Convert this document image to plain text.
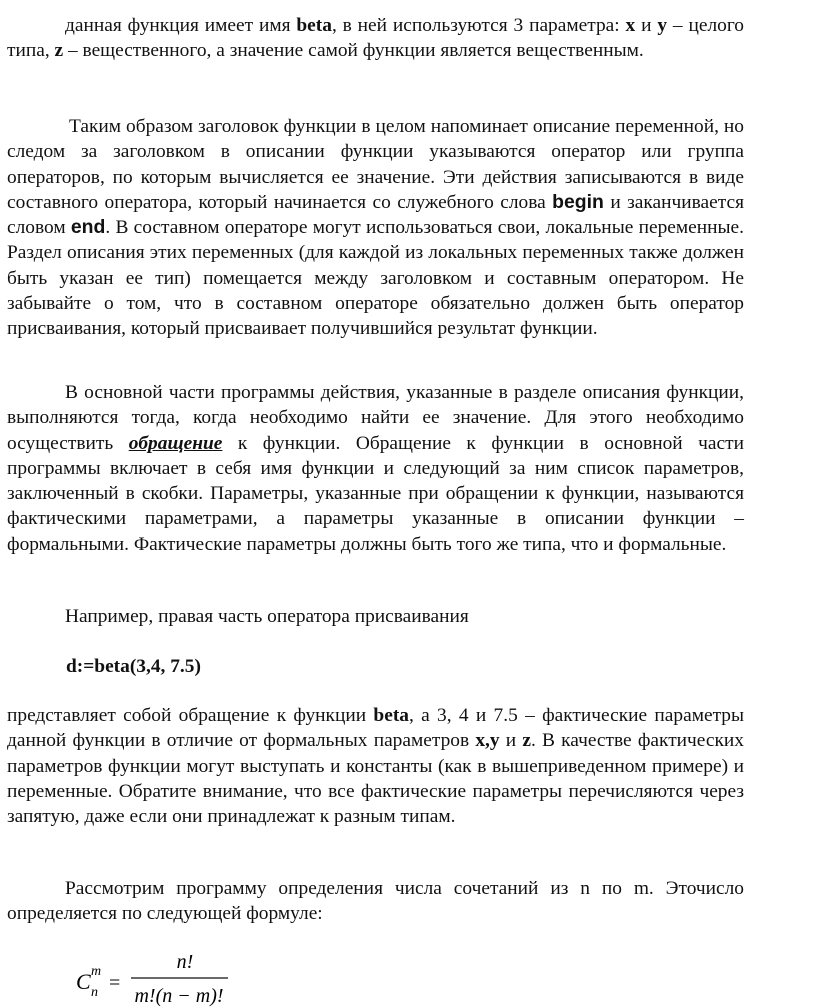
данная функция имеет имя beta, в ней используются 3 параметра: x и y – целого типа, z – вещественного, а значение самой функции является вещественным.

Таким образом заголовок функции в целом напоминает описание переменной, но следом за заголовком в описании функции указываются оператор или группа операторов, по которым вычисляется ее значение. Эти действия записываются в виде составного оператора, который начинается со служебного слова begin и заканчивается словом end. В составном операторе могут использоваться свои, локальные переменные. Раздел описания этих переменных (для каждой из локальных переменных также должен быть указан ее тип) помещается между заголовком и составным оператором. Не забывайте о том, что в составном операторе обязательно должен быть оператор присваивания, который присваивает получившийся результат функции.

В основной части программы действия, указанные в разделе описания функции, выполняются тогда, когда необходимо найти ее значение. Для этого необходимо осуществить обращение к функции. Обращение к функции в основной части программы включает в себя имя функции и следующий за ним список параметров, заключенный в скобки. Параметры, указанные при обращении к функции, называются фактическими параметрами, а параметры указанные в описании функции – формальными. Фактические параметры должны быть того же типа, что и формальные.

Например, правая часть оператора присваивания

d:=beta(3,4, 7.5)

представляет собой обращение к функции beta, а 3, 4 и 7.5 – фактические параметры данной функции в отличие от формальных параметров x,y и z. В качестве фактических параметров функции могут выступать и константы (как в вышеприведенном примере) и переменные. Обратите внимание, что все фактические параметры перечисляются через запятую, даже если они принадлежат к разным типам.

Рассмотрим программу определения числа сочетаний из n по m. Эточисло определяется по следующей формуле:

C m
n =
n!
m!(n − m)!
